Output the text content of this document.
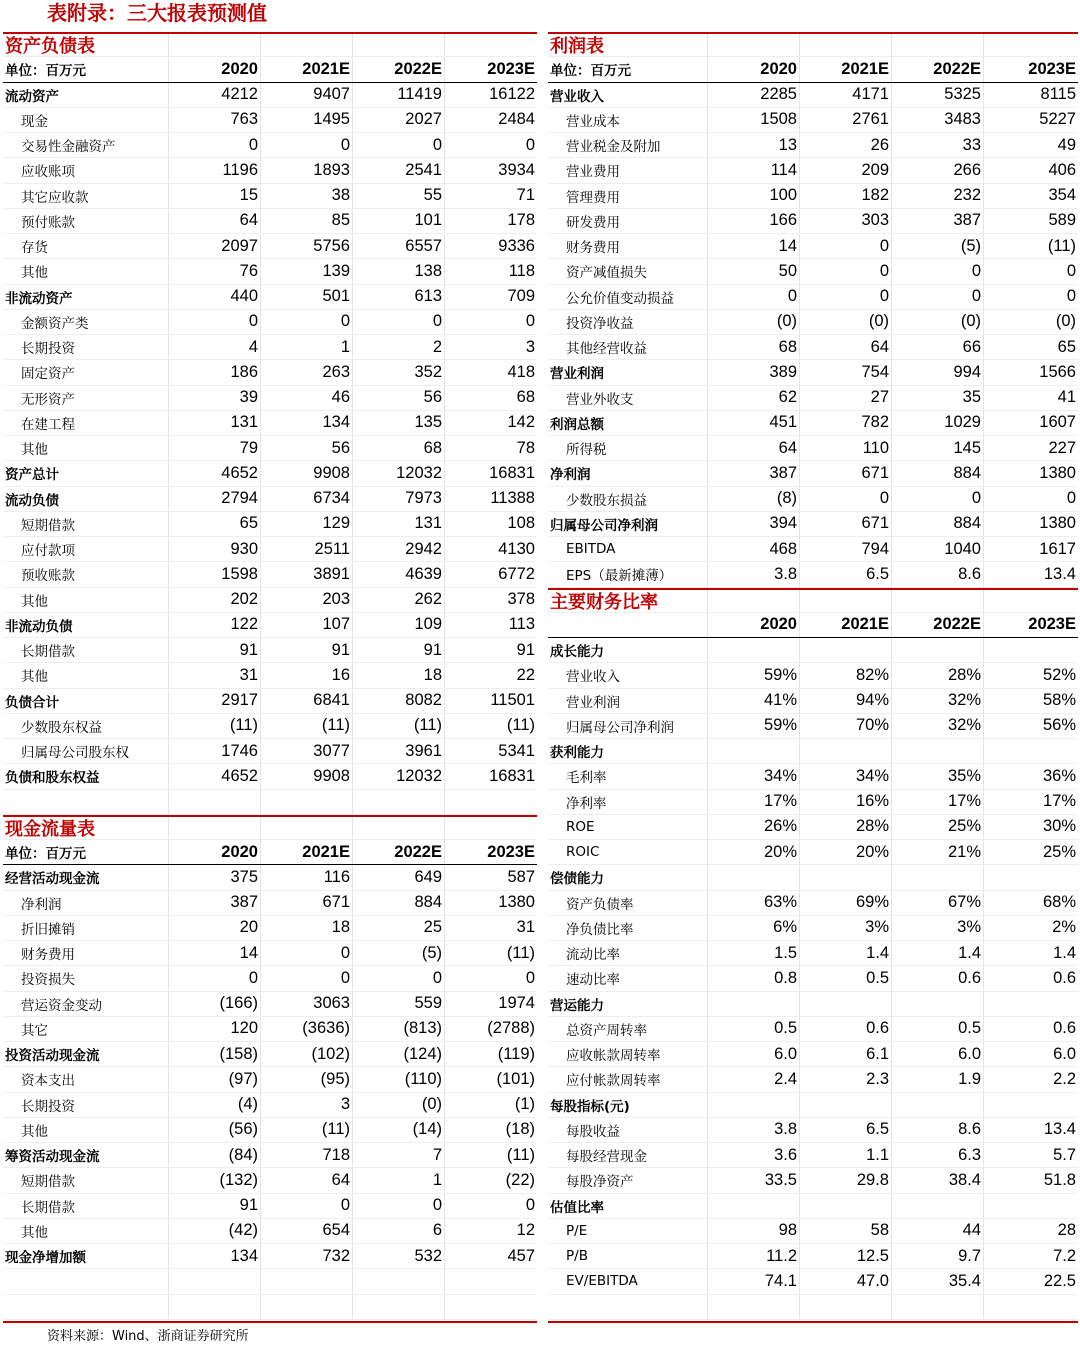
表附录：三大报表预测值
资产负债表
单位：百万元	2020	2021E	2022E	2023E
流动资产	4212	9407	11419	16122
现金	763	1495	2027	2484
交易性金融资产	0	0	0	0
应收账项	1196	1893	2541	3934
其它应收款	15	38	55	71
预付账款	64	85	101	178
存货	2097	5756	6557	9336
其他	76	139	138	118
非流动资产	440	501	613	709
金额资产类	0	0	0	0
长期投资	4	1	2	3
固定资产	186	263	352	418
无形资产	39	46	56	68
在建工程	131	134	135	142
其他	79	56	68	78
资产总计	4652	9908	12032	16831
流动负债	2794	6734	7973	11388
短期借款	65	129	131	108
应付款项	930	2511	2942	4130
预收账款	1598	3891	4639	6772
其他	202	203	262	378
非流动负债	122	107	109	113
长期借款	91	91	91	91
其他	31	16	18	22
负债合计	2917	6841	8082	11501
少数股东权益	(11)	(11)	(11)	(11)
归属母公司股东权	1746	3077	3961	5341
负债和股东权益	4652	9908	12032	16831
现金流量表
单位：百万元	2020	2021E	2022E	2023E
经营活动现金流	375	116	649	587
净利润	387	671	884	1380
折旧摊销	20	18	25	31
财务费用	14	0	(5)	(11)
投资损失	0	0	0	0
营运资金变动	(166)	3063	559	1974
其它	120	(3636)	(813)	(2788)
投资活动现金流	(158)	(102)	(124)	(119)
资本支出	(97)	(95)	(110)	(101)
长期投资	(4)	3	(0)	(1)
其他	(56)	(11)	(14)	(18)
筹资活动现金流	(84)	718	7	(11)
短期借款	(132)	64	1	(22)
长期借款	91	0	0	0
其他	(42)	654	6	12
现金净增加额	134	732	532	457
利润表
单位：百万元	2020	2021E	2022E	2023E
营业收入	2285	4171	5325	8115
营业成本	1508	2761	3483	5227
营业税金及附加	13	26	33	49
营业费用	114	209	266	406
管理费用	100	182	232	354
研发费用	166	303	387	589
财务费用	14	0	(5)	(11)
资产减值损失	50	0	0	0
公允价值变动损益	0	0	0	0
投资净收益	(0)	(0)	(0)	(0)
其他经营收益	68	64	66	65
营业利润	389	754	994	1566
营业外收支	62	27	35	41
利润总额	451	782	1029	1607
所得税	64	110	145	227
净利润	387	671	884	1380
少数股东损益	(8)	0	0	0
归属母公司净利润	394	671	884	1380
EBITDA	468	794	1040	1617
EPS（最新摊薄）	3.8	6.5	8.6	13.4
主要财务比率
2020	2021E	2022E	2023E
成长能力
营业收入	59%	82%	28%	52%
营业利润	41%	94%	32%	58%
归属母公司净利润	59%	70%	32%	56%
获利能力
毛利率	34%	34%	35%	36%
净利率	17%	16%	17%	17%
ROE	26%	28%	25%	30%
ROIC	20%	20%	21%	25%
偿债能力
资产负债率	63%	69%	67%	68%
净负债比率	6%	3%	3%	2%
流动比率	1.5	1.4	1.4	1.4
速动比率	0.8	0.5	0.6	0.6
营运能力
总资产周转率	0.5	0.6	0.5	0.6
应收帐款周转率	6.0	6.1	6.0	6.0
应付帐款周转率	2.4	2.3	1.9	2.2
每股指标(元)
每股收益	3.8	6.5	8.6	13.4
每股经营现金	3.6	1.1	6.3	5.7
每股净资产	33.5	29.8	38.4	51.8
估值比率
P/E	98	58	44	28
P/B	11.2	12.5	9.7	7.2
EV/EBITDA	74.1	47.0	35.4	22.5
资料来源：Wind、浙商证券研究所
